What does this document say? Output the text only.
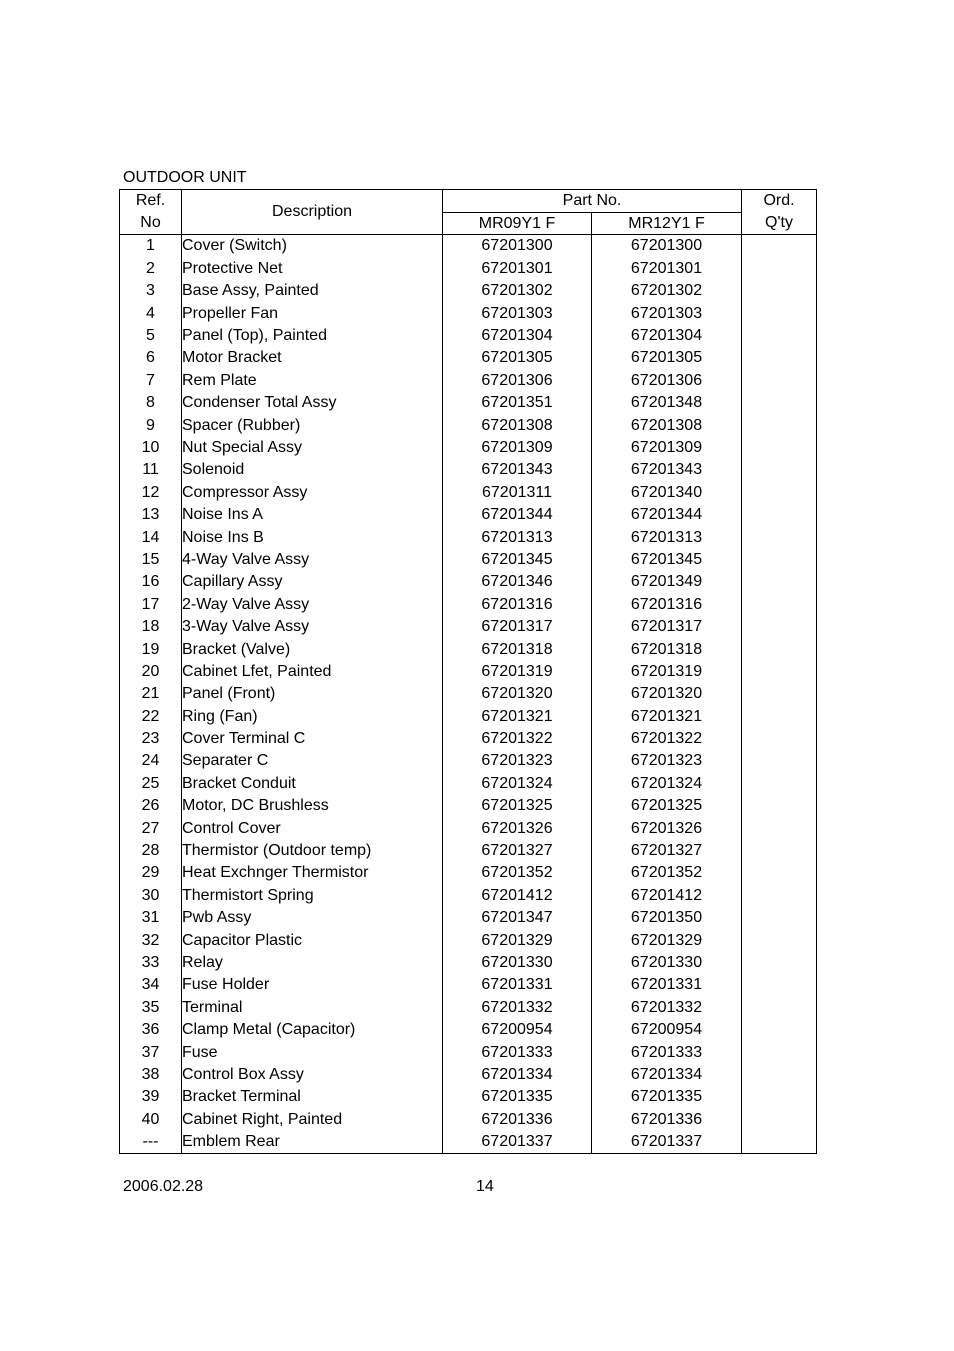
OUTDOOR UNIT
Ref.	Description	Part No.		Ord.
No		MR09Y1 F	MR12Y1 F	Q'ty
1	Cover (Switch)	67201300	67201300	
2	Protective Net	67201301	67201301	
3	Base Assy, Painted	67201302	67201302	
4	Propeller Fan	67201303	67201303	
5	Panel (Top), Painted	67201304	67201304	
6	Motor Bracket	67201305	67201305	
7	Rem Plate	67201306	67201306	
8	Condenser Total Assy	67201351	67201348	
9	Spacer (Rubber)	67201308	67201308	
10	Nut Special Assy	67201309	67201309	
11	Solenoid	67201343	67201343	
12	Compressor Assy	67201311	67201340	
13	Noise Ins A	67201344	67201344	
14	Noise Ins B	67201313	67201313	
15	4-Way Valve Assy	67201345	67201345	
16	Capillary Assy	67201346	67201349	
17	2-Way Valve Assy	67201316	67201316	
18	3-Way Valve Assy	67201317	67201317	
19	Bracket (Valve)	67201318	67201318	
20	Cabinet Lfet, Painted	67201319	67201319	
21	Panel (Front)	67201320	67201320	
22	Ring (Fan)	67201321	67201321	
23	Cover Terminal C	67201322	67201322	
24	Separater C	67201323	67201323	
25	Bracket Conduit	67201324	67201324	
26	Motor, DC Brushless	67201325	67201325	
27	Control Cover	67201326	67201326	
28	Thermistor (Outdoor temp)	67201327	67201327	
29	Heat Exchnger Thermistor	67201352	67201352	
30	Thermistort Spring	67201412	67201412	
31	Pwb Assy	67201347	67201350	
32	Capacitor Plastic	67201329	67201329	
33	Relay	67201330	67201330	
34	Fuse Holder	67201331	67201331	
35	Terminal	67201332	67201332	
36	Clamp Metal (Capacitor)	67200954	67200954	
37	Fuse	67201333	67201333	
38	Control Box Assy	67201334	67201334	
39	Bracket Terminal	67201335	67201335	
40	Cabinet Right, Painted	67201336	67201336	
---	Emblem Rear	67201337	67201337	
2006.02.28	14
